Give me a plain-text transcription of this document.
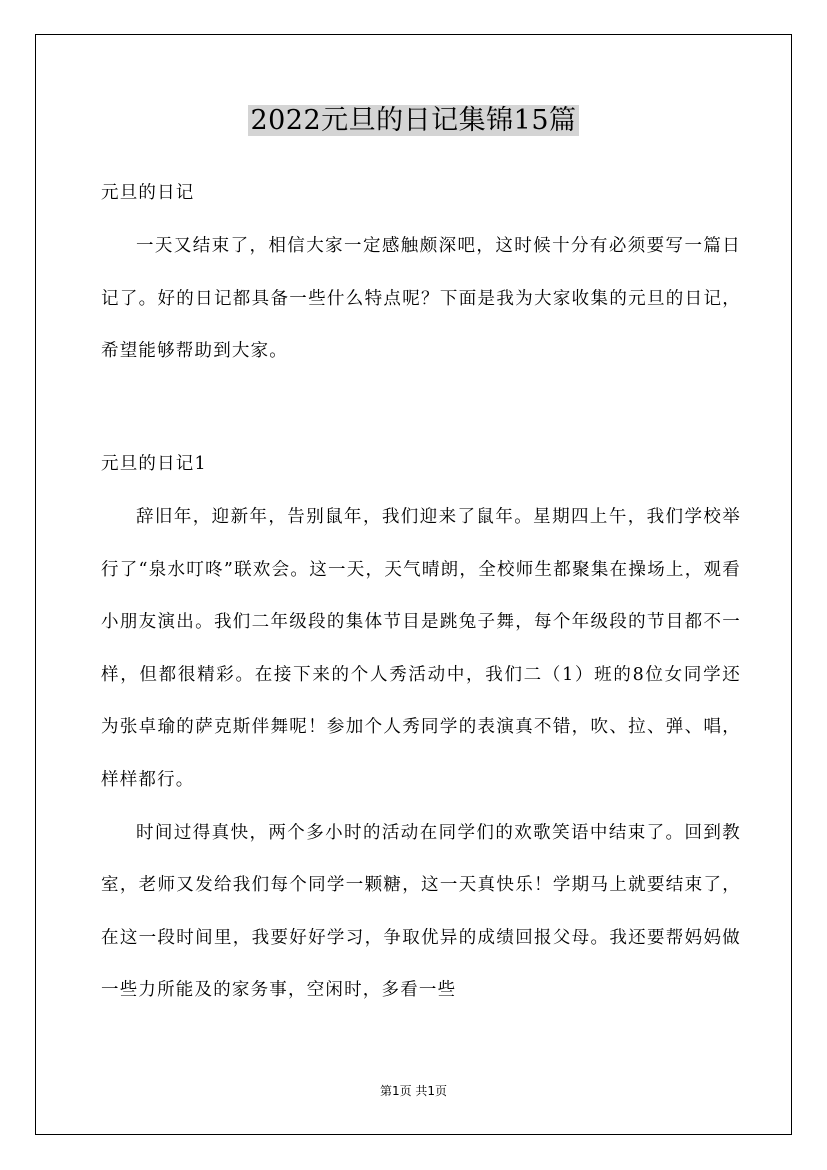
2022元旦的日记集锦15篇
元旦的日记

一天又结束了，相信大家一定感触颇深吧，这时候十分有必须要写一篇日记了。好的日记都具备一些什么特点呢？下面是我为大家收集的元旦的日记，希望能够帮助到大家。

元旦的日记1

辞旧年，迎新年，告别鼠年，我们迎来了鼠年。星期四上午，我们学校举行了“泉水叮咚”联欢会。这一天，天气晴朗，全校师生都聚集在操场上，观看小朋友演出。我们二年级段的集体节目是跳兔子舞，每个年级段的节目都不一样，但都很精彩。在接下来的个人秀活动中，我们二（1）班的8位女同学还为张卓瑜的萨克斯伴舞呢！参加个人秀同学的表演真不错，吹、拉、弹、唱，样样都行。

时间过得真快，两个多小时的活动在同学们的欢歌笑语中结束了。回到教室，老师又发给我们每个同学一颗糖，这一天真快乐！学期马上就要结束了，在这一段时间里，我要好好学习，争取优异的成绩回报父母。我还要帮妈妈做一些力所能及的家务事，空闲时，多看一些

第1页 共1页
